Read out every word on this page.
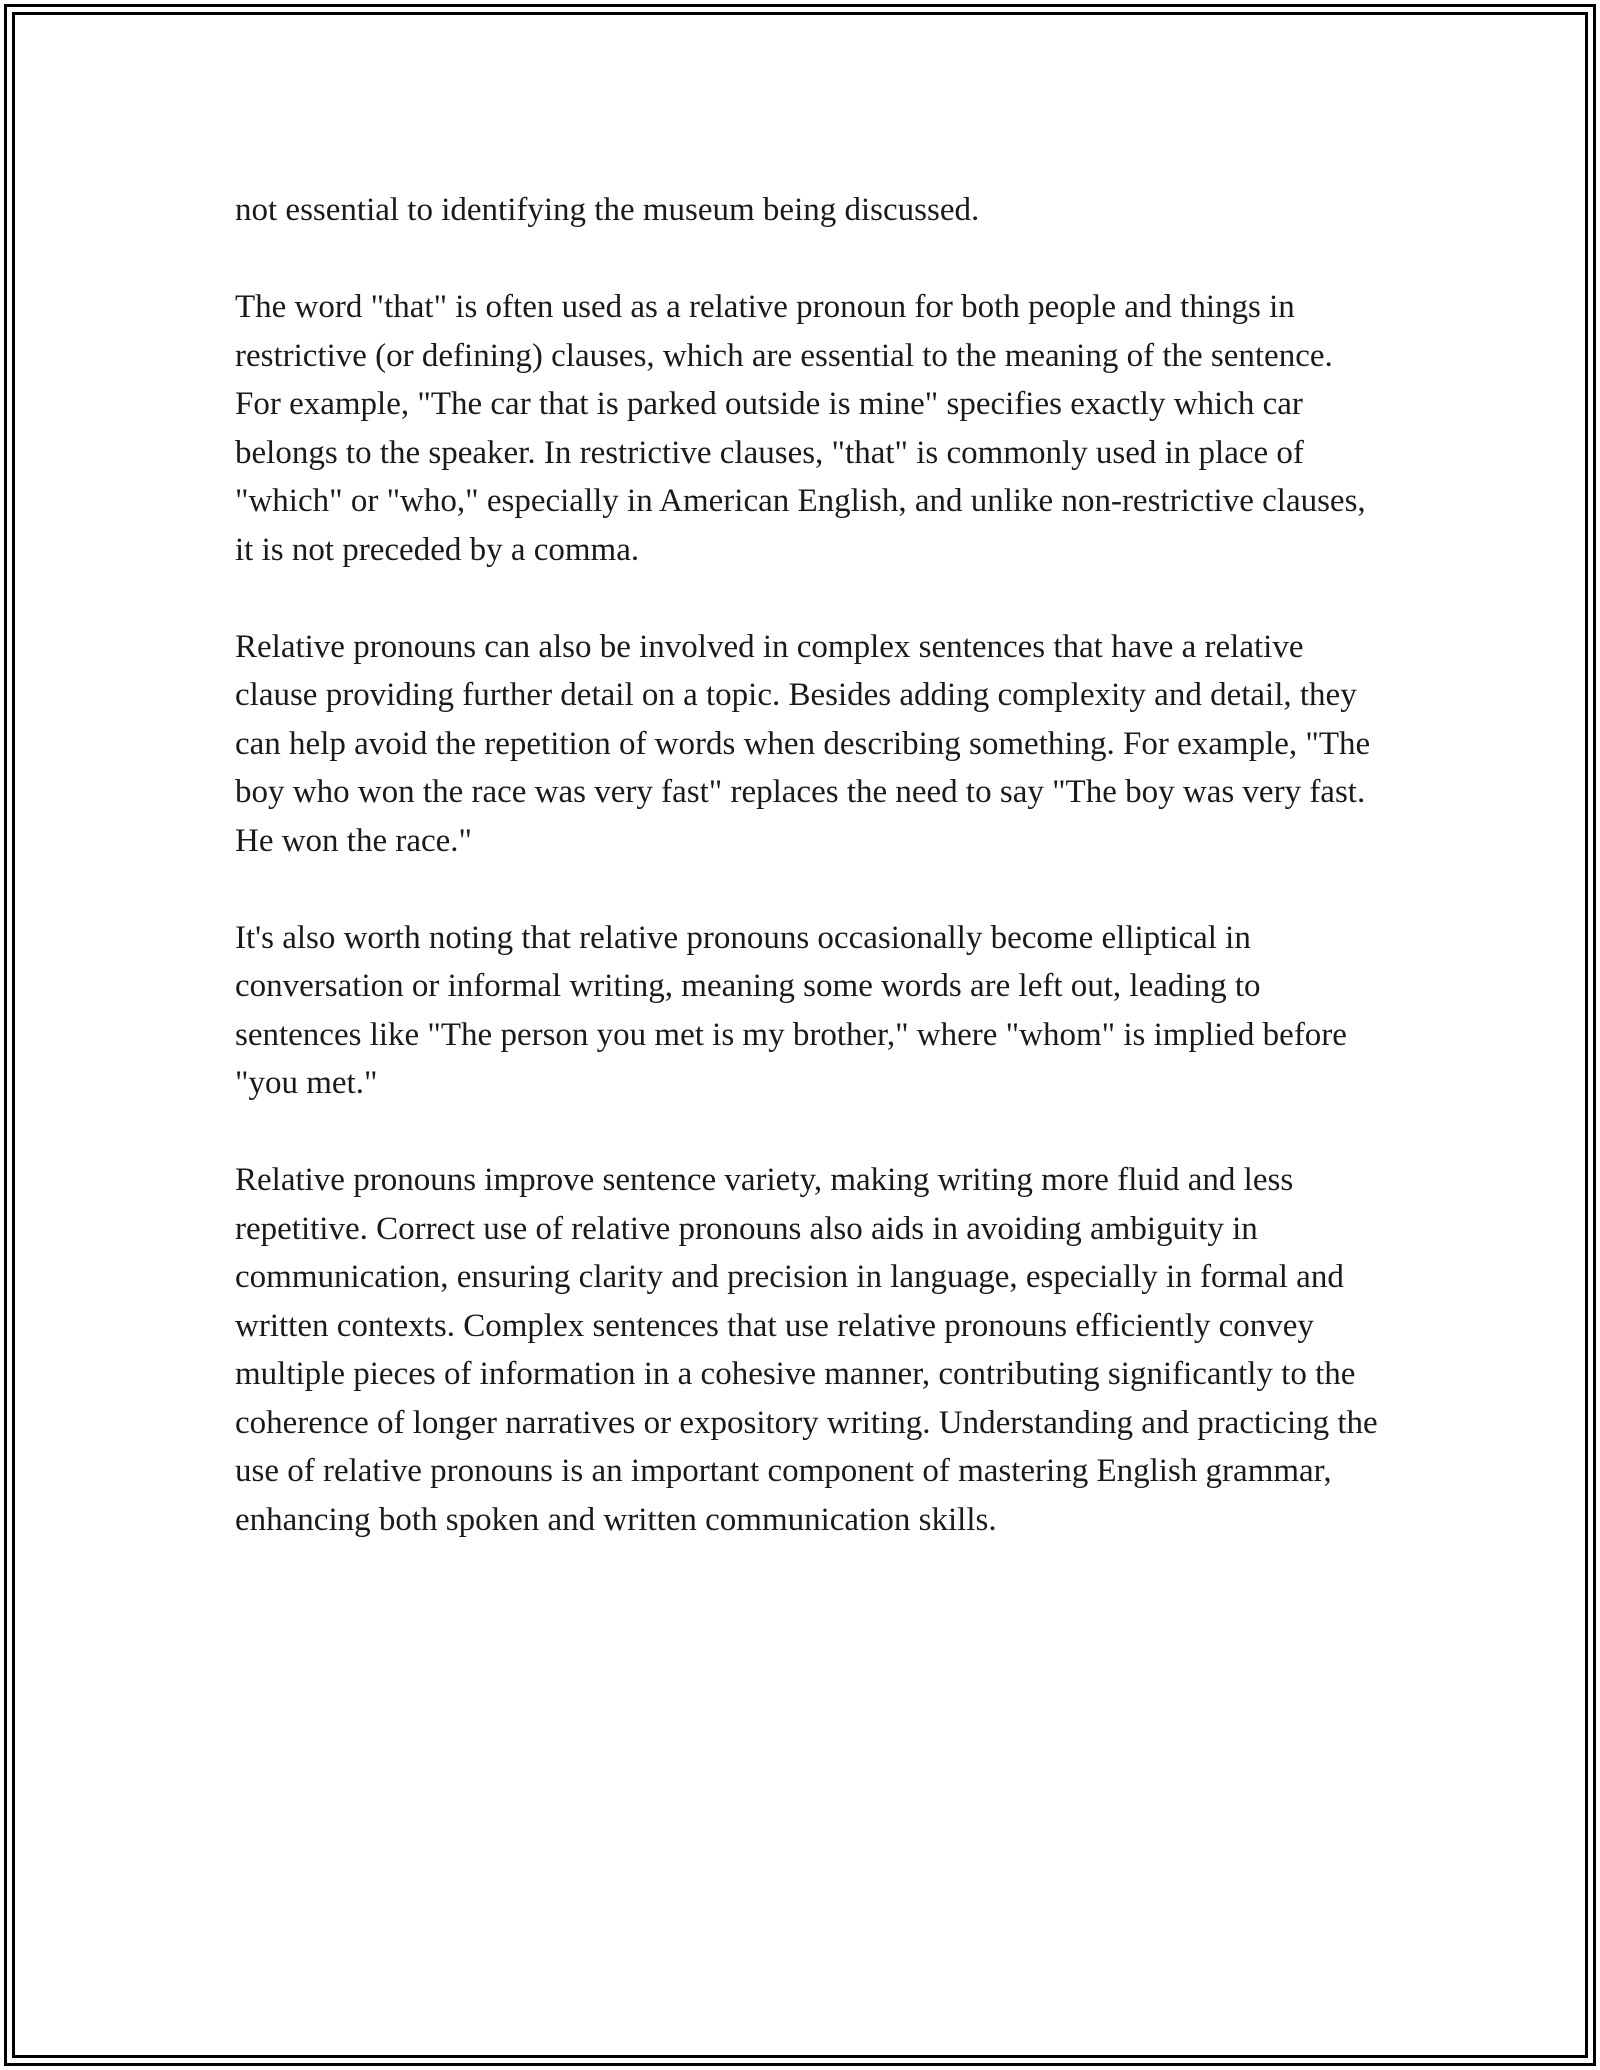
not essential to identifying the museum being discussed.

The word "that" is often used as a relative pronoun for both people and things in restrictive (or defining) clauses, which are essential to the meaning of the sentence. For example, "The car that is parked outside is mine" specifies exactly which car belongs to the speaker. In restrictive clauses, "that" is commonly used in place of "which" or "who," especially in American English, and unlike non-restrictive clauses, it is not preceded by a comma.

Relative pronouns can also be involved in complex sentences that have a relative clause providing further detail on a topic. Besides adding complexity and detail, they can help avoid the repetition of words when describing something. For example, "The boy who won the race was very fast" replaces the need to say "The boy was very fast. He won the race."

It's also worth noting that relative pronouns occasionally become elliptical in conversation or informal writing, meaning some words are left out, leading to sentences like "The person you met is my brother," where "whom" is implied before "you met."

Relative pronouns improve sentence variety, making writing more fluid and less repetitive. Correct use of relative pronouns also aids in avoiding ambiguity in communication, ensuring clarity and precision in language, especially in formal and written contexts. Complex sentences that use relative pronouns efficiently convey multiple pieces of information in a cohesive manner, contributing significantly to the coherence of longer narratives or expository writing. Understanding and practicing the use of relative pronouns is an important component of mastering English grammar, enhancing both spoken and written communication skills.
